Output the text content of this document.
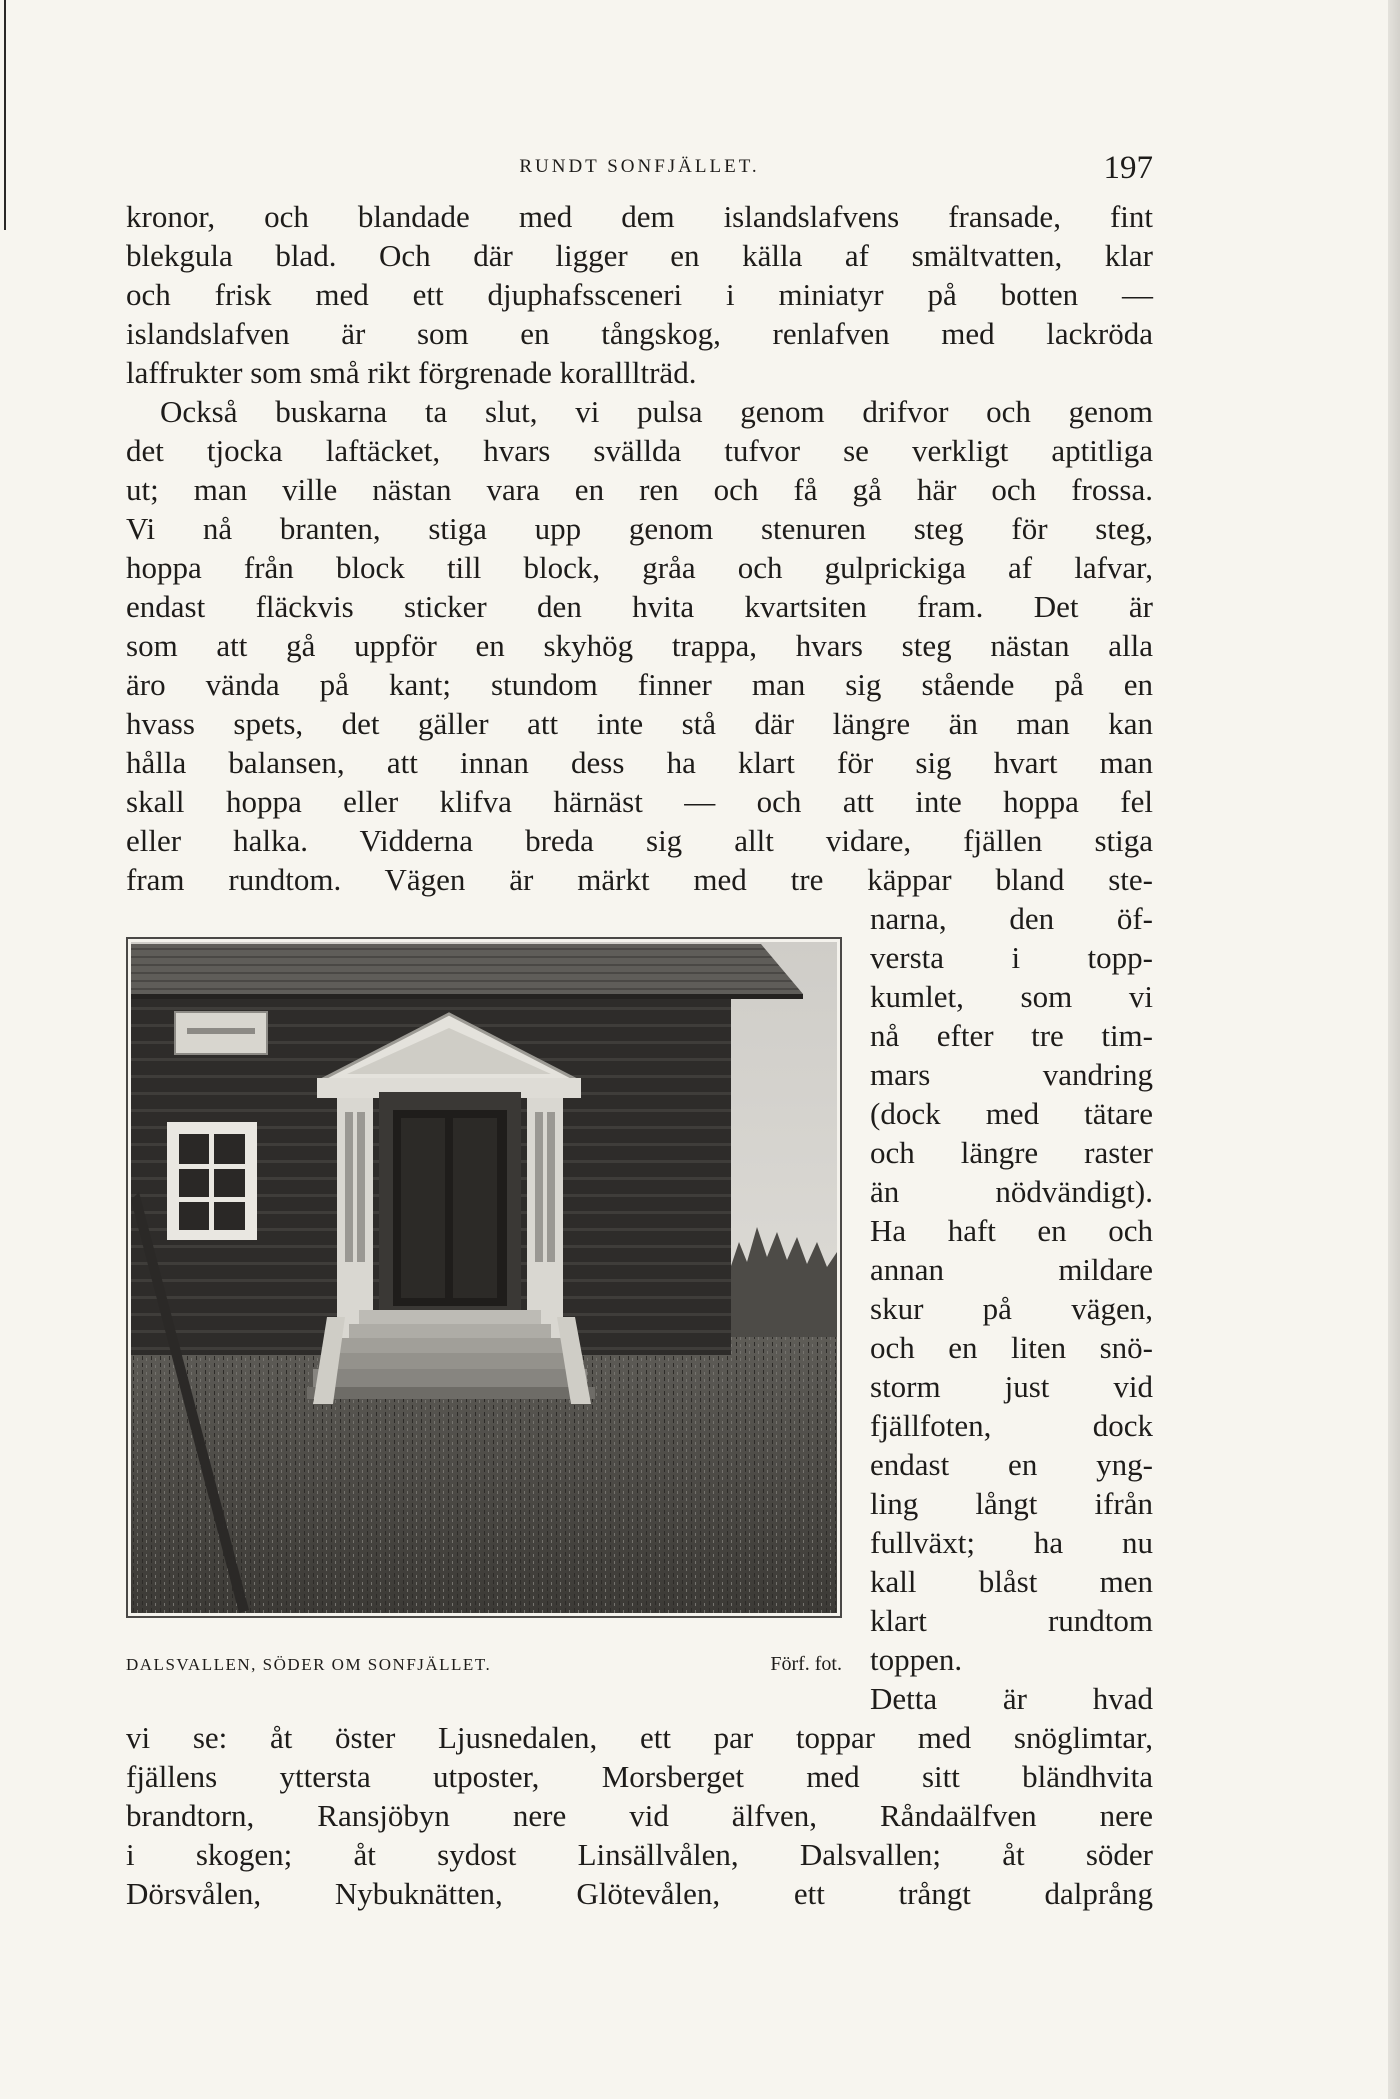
RUNDT SONFJÄLLET.	197
kronor, och blandade med dem islandslafvens fransade, fint
blekgula blad. Och där ligger en källa af smältvatten, klar
och frisk med ett djuphafssceneri i miniatyr på botten —
islandslafven är som en tångskog, renlafven med lackröda
laffrukter som små rikt förgrenade koralllträd.
Också buskarna ta slut, vi pulsa genom drifvor och genom
det tjocka laftäcket, hvars svällda tufvor se verkligt aptitliga
ut; man ville nästan vara en ren och få gå här och frossa.
Vi nå branten, stiga upp genom stenuren steg för steg,
hoppa från block till block, gråa och gulprickiga af lafvar,
endast fläckvis sticker den hvita kvartsiten fram. Det är
som att gå uppför en skyhög trappa, hvars steg nästan alla
äro vända på kant; stundom finner man sig stående på en
hvass spets, det gäller att inte stå där längre än man kan
hålla balansen, att innan dess ha klart för sig hvart man
skall hoppa eller klifva härnäst — och att inte hoppa fel
eller halka. Vidderna breda sig allt vidare, fjällen stiga
fram rundtom. Vägen är märkt med tre käppar bland ste-
narna, den öf-
versta i topp-
kumlet, som vi
nå efter tre tim-
mars vandring
(dock med tätare
och längre raster
än nödvändigt).
Ha haft en och
annan mildare
skur på vägen,
och en liten snö-
storm just vid
fjällfoten, dock
endast en yng-
ling långt ifrån
fullväxt; ha nu
kall blåst men
klart rundtom
toppen.
Detta är hvad
vi se: åt öster Ljusnedalen, ett par toppar med snöglimtar,
fjällens yttersta utposter, Morsberget med sitt bländhvita
brandtorn, Ransjöbyn nere vid älfven, Råndaälfven nere
i skogen; åt sydost Linsällvålen, Dalsvallen; åt söder
Dörsvålen, Nybuknätten, Glötevålen, ett trångt dalprång
DALSVALLEN, SÖDER OM SONFJÄLLET.	Förf. fot.
